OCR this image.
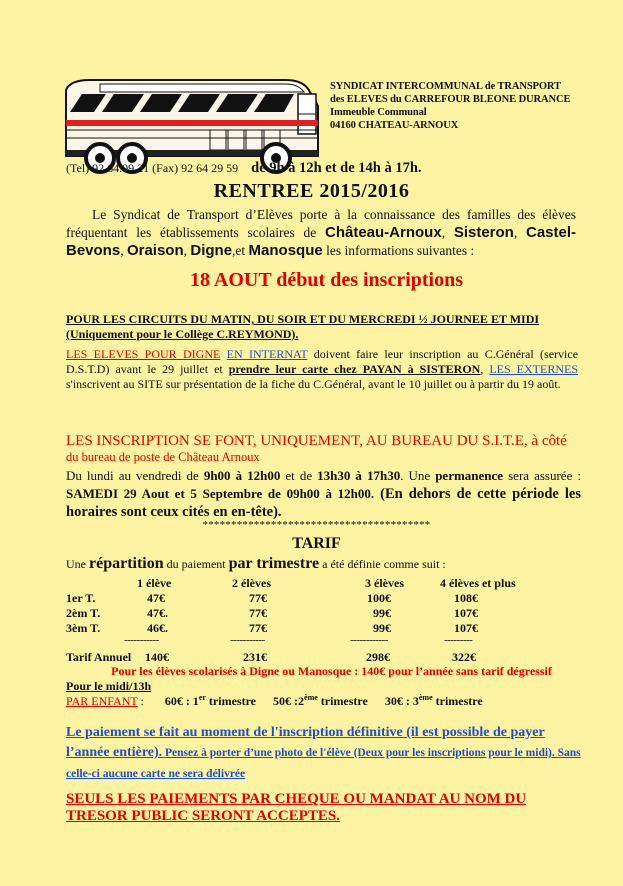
SYNDICAT INTERCOMMUNAL de TRANSPORT
des ELEVES du CARREFOUR BLEONE DURANCE
Immeuble Communal
04160 CHATEAU-ARNOUX
(Tel) 92.64.09.21 (Fax) 92 64 29 59 de 9h à 12h et de 14h à 17h.
RENTREE 2015/2016
Le Syndicat de Transport d’Elèves porte à la connaissance des familles des élèves fréquentant les établissements scolaires de Château-Arnoux, Sisteron, Castel-Bevons, Oraison, Digne,et Manosque les informations suivantes :
18 AOUT début des inscriptions
POUR LES CIRCUITS DU MATIN, DU SOIR ET DU MERCREDI ½ JOURNEE ET MIDI (Uniquement pour le Collège C.REYMOND).
LES ELEVES POUR DIGNE EN INTERNAT doivent faire leur inscription au C.Général (service D.S.T.D) avant le 29 juillet et prendre leur carte chez PAYAN à SISTERON, LES EXTERNES s'inscrivent au SITE sur présentation de la fiche du C.Général, avant le 10 juillet ou à partir du 19 août.
LES INSCRIPTION SE FONT, UNIQUEMENT, AU BUREAU DU S.I.T.E, à côté
du bureau de poste de Château Arnoux
Du lundi au vendredi de 9h00 à 12h00 et de 13h30 à 17h30. Une permanence sera assurée : SAMEDI 29 Aout et 5 Septembre de 09h00 à 12h00. (En dehors de cette période les horaires sont ceux cités en en-tête).
****************************************
TARIF
Une répartition du paiement par trimestre a été définie comme suit :
1 élève	2 élèves	3 élèves	4 élèves et plus
1er T.	47€	77€	100€	108€
2èm T.	47€.	77€	99€	107€
3èm T.	46€.	77€	99€	107€
-----------	-----------	------------	---------
Tarif Annuel 140€	231€	298€	322€
Pour les élèves scolarisés à Digne ou Manosque : 140€ pour l’année sans tarif dégressif
Pour le midi/13h
PAR ENFANT : 60€ : 1er trimestre 50€ :2ème trimestre 30€ : 3ème trimestre
Le paiement se fait au moment de l'inscription définitive (il est possible de payer l’année entière). Pensez à porter d’une photo de l'élève (Deux pour les inscriptions pour le midi). Sans celle-ci aucune carte ne sera délivrée
SEULS LES PAIEMENTS PAR CHEQUE OU MANDAT AU NOM DU TRESOR PUBLIC SERONT ACCEPTES.
